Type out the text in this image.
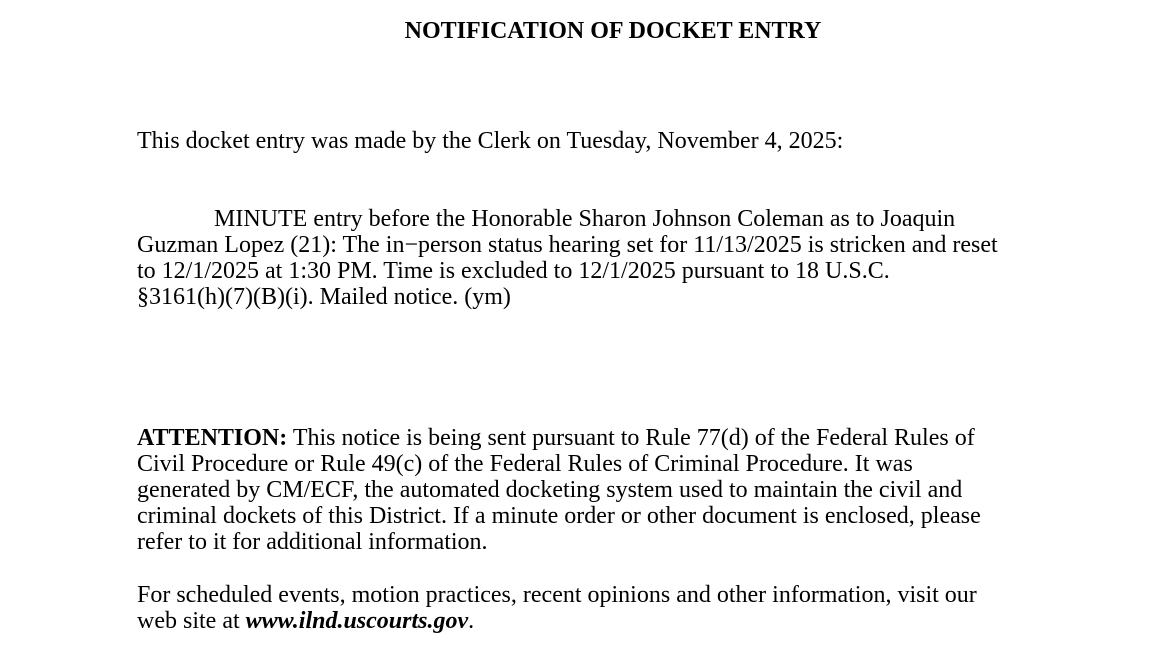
NOTIFICATION OF DOCKET ENTRY
This docket entry was made by the Clerk on Tuesday, November 4, 2025:
MINUTE entry before the Honorable Sharon Johnson Coleman as to Joaquin
Guzman Lopez (21): The in−person status hearing set for 11/13/2025 is stricken and reset
to 12/1/2025 at 1:30 PM. Time is excluded to 12/1/2025 pursuant to 18 U.S.C.
§3161(h)(7)(B)(i). Mailed notice. (ym)
ATTENTION: This notice is being sent pursuant to Rule 77(d) of the Federal Rules of
Civil Procedure or Rule 49(c) of the Federal Rules of Criminal Procedure. It was
generated by CM/ECF, the automated docketing system used to maintain the civil and
criminal dockets of this District. If a minute order or other document is enclosed, please
refer to it for additional information.
For scheduled events, motion practices, recent opinions and other information, visit our
web site at www.ilnd.uscourts.gov.
